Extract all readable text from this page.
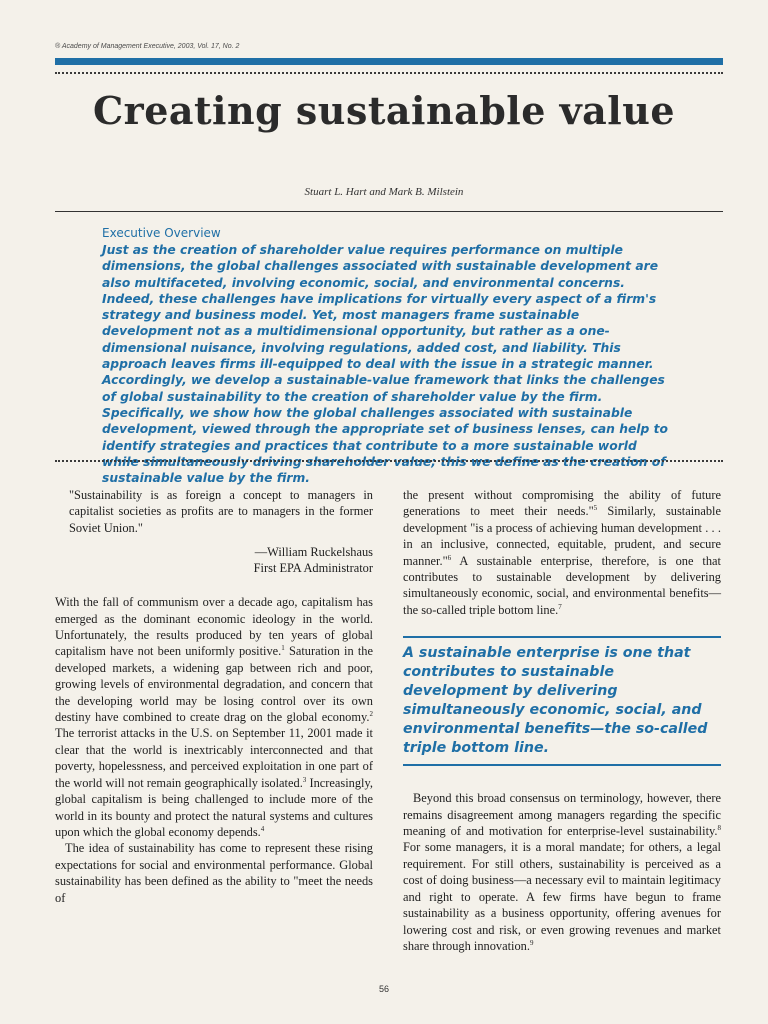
® Academy of Management Executive, 2003, Vol. 17, No. 2
Creating sustainable value
Stuart L. Hart and Mark B. Milstein
Executive Overview

Just as the creation of shareholder value requires performance on multiple dimensions, the global challenges associated with sustainable development are also multifaceted, involving economic, social, and environmental concerns. Indeed, these challenges have implications for virtually every aspect of a firm's strategy and business model. Yet, most managers frame sustainable development not as a multidimensional opportunity, but rather as a one-dimensional nuisance, involving regulations, added cost, and liability. This approach leaves firms ill-equipped to deal with the issue in a strategic manner. Accordingly, we develop a sustainable-value framework that links the challenges of global sustainability to the creation of shareholder value by the firm. Specifically, we show how the global challenges associated with sustainable development, viewed through the appropriate set of business lenses, can help to identify strategies and practices that contribute to a more sustainable world while simultaneously driving shareholder value; this we define as the creation of sustainable value by the firm.

"Sustainability is as foreign a concept to managers in capitalist societies as profits are to managers in the former Soviet Union."

—William Ruckelshaus
First EPA Administrator

With the fall of communism over a decade ago, capitalism has emerged as the dominant economic ideology in the world. Unfortunately, the results produced by ten years of global capitalism have not been uniformly positive.$^1$ Saturation in the developed markets, a widening gap between rich and poor, growing levels of environmental degradation, and concern that the developing world may be losing control over its own destiny have combined to create drag on the global economy.$^2$ The terrorist attacks in the U.S. on September 11, 2001 made it clear that the world is inextricably interconnected and that poverty, hopelessness, and perceived exploitation in one part of the world will not remain geographically isolated.$^3$ Increasingly, global capitalism is being challenged to include more of the world in its bounty and protect the natural systems and cultures upon which the global economy depends.$^4$

The idea of sustainability has come to represent these rising expectations for social and environmental performance. Global sustainability has been defined as the ability to "meet the needs of

the present without compromising the ability of future generations to meet their needs."$^5$ Similarly, sustainable development "is a process of achieving human development . . . in an inclusive, connected, equitable, prudent, and secure manner."$^6$ A sustainable enterprise, therefore, is one that contributes to sustainable development by delivering simultaneously economic, social, and environmental benefits—the so-called triple bottom line.$^7$

A sustainable enterprise is one that contributes to sustainable development by delivering simultaneously economic, social, and environmental benefits—the so-called triple bottom line.

Beyond this broad consensus on terminology, however, there remains disagreement among managers regarding the specific meaning of and motivation for enterprise-level sustainability.$^8$ For some managers, it is a moral mandate; for others, a legal requirement. For still others, sustainability is perceived as a cost of doing business—a necessary evil to maintain legitimacy and right to operate. A few firms have begun to frame sustainability as a business opportunity, offering avenues for lowering cost and risk, or even growing revenues and market share through innovation.$^9$

56
